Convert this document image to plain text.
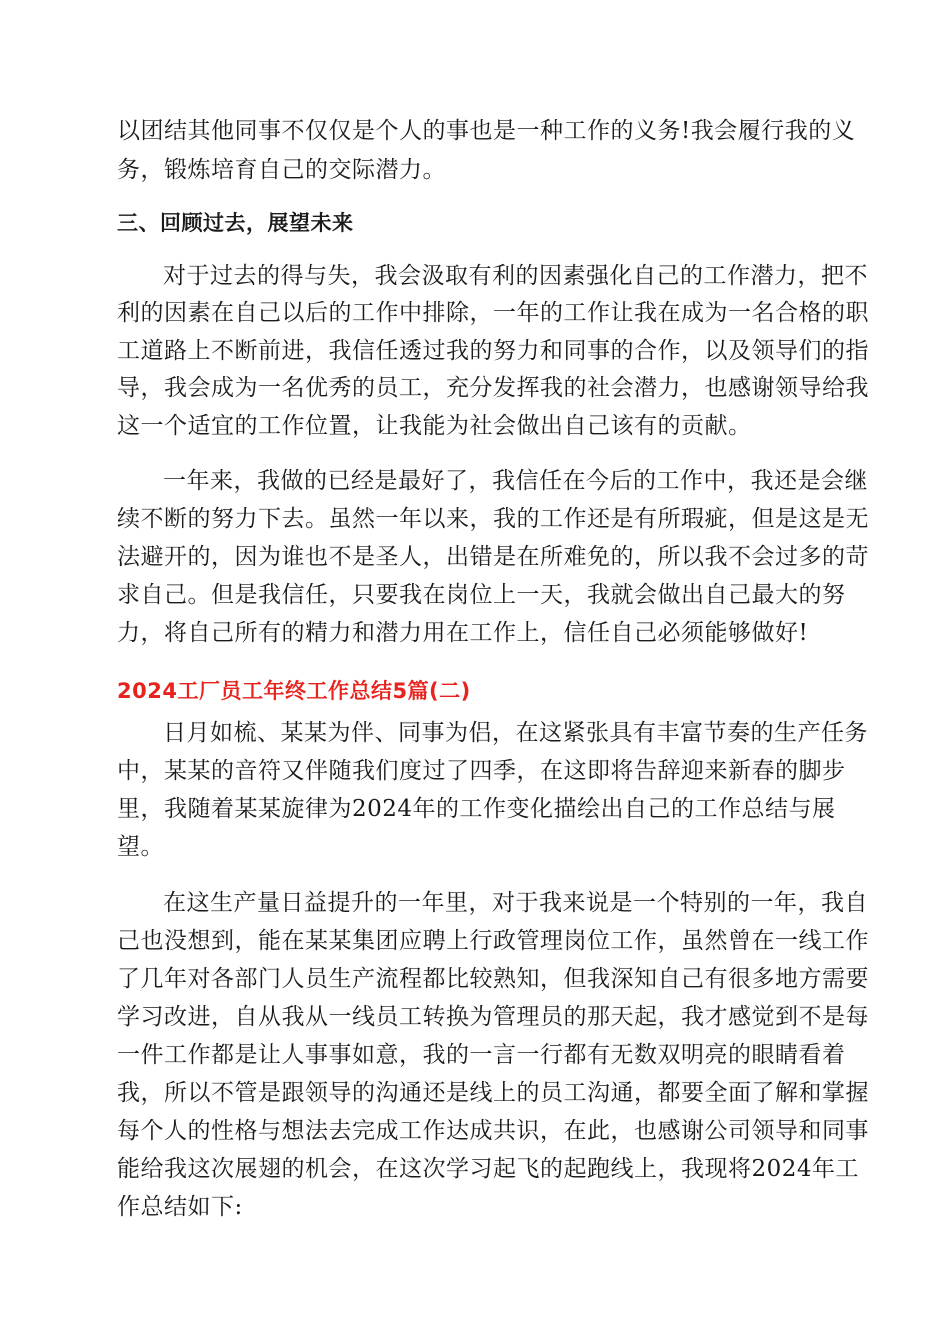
以团结其他同事不仅仅是个人的事也是一种工作的义务!我会履行我的义
务，锻炼培育自己的交际潜力。
三、回顾过去，展望未来
对于过去的得与失，我会汲取有利的因素强化自己的工作潜力，把不
利的因素在自己以后的工作中排除，一年的工作让我在成为一名合格的职
工道路上不断前进，我信任透过我的努力和同事的合作，以及领导们的指
导，我会成为一名优秀的员工，充分发挥我的社会潜力，也感谢领导给我
这一个适宜的工作位置，让我能为社会做出自己该有的贡献。
一年来，我做的已经是最好了，我信任在今后的工作中，我还是会继
续不断的努力下去。虽然一年以来，我的工作还是有所瑕疵，但是这是无
法避开的，因为谁也不是圣人，出错是在所难免的，所以我不会过多的苛
求自己。但是我信任，只要我在岗位上一天，我就会做出自己最大的努
力，将自己所有的精力和潜力用在工作上，信任自己必须能够做好!
2024工厂员工年终工作总结5篇(二)
日月如梳、某某为伴、同事为侣，在这紧张具有丰富节奏的生产任务
中，某某的音符又伴随我们度过了四季，在这即将告辞迎来新春的脚步
里，我随着某某旋律为2024年的工作变化描绘出自己的工作总结与展
望。
在这生产量日益提升的一年里，对于我来说是一个特别的一年，我自
己也没想到，能在某某集团应聘上行政管理岗位工作，虽然曾在一线工作
了几年对各部门人员生产流程都比较熟知，但我深知自己有很多地方需要
学习改进，自从我从一线员工转换为管理员的那天起，我才感觉到不是每
一件工作都是让人事事如意，我的一言一行都有无数双明亮的眼睛看着
我，所以不管是跟领导的沟通还是线上的员工沟通，都要全面了解和掌握
每个人的性格与想法去完成工作达成共识，在此，也感谢公司领导和同事
能给我这次展翅的机会，在这次学习起飞的起跑线上，我现将2024年工
作总结如下:
